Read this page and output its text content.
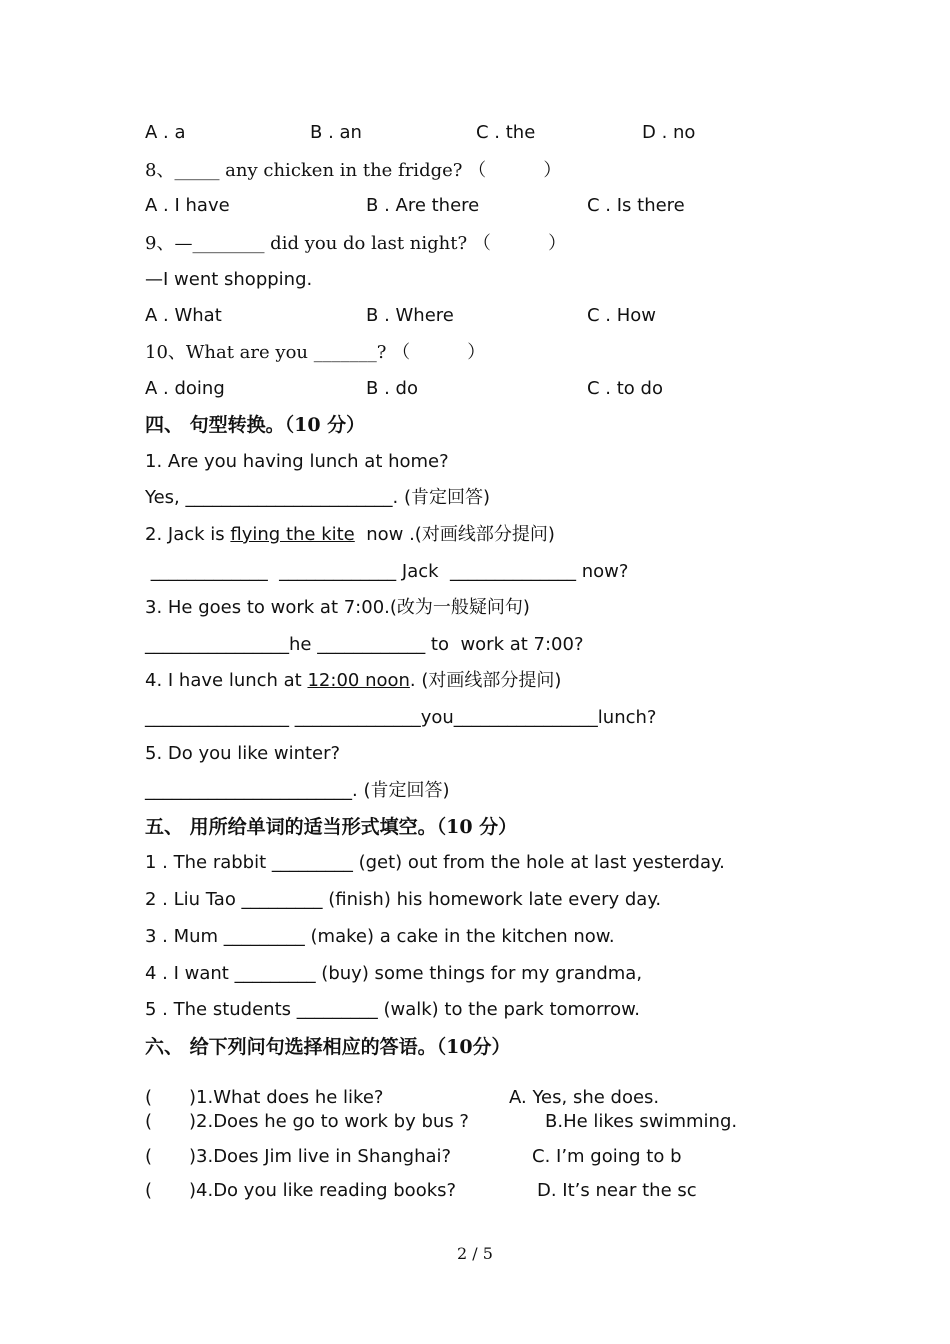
A . a	B . an	C . the	D . no
8、_____ any chicken in the fridge? （          ）
A . I have	B . Are there	C . Is there
9、—________ did you do last night? （          ）
—I went shopping.
A . What	B . Where	C . How
10、What are you _______? （          ）
A . doing	B . do	C . to do
四、 句型转换。（10 分）
1. Are you having lunch at home?
Yes, _______________________. (肯定回答)
2. Jack is flying the kite  now .(对画线部分提问)
_____________  _____________ Jack  ______________ now?
3. He goes to work at 7:00.(改为一般疑问句)
________________he ____________ to  work at 7:00?
4. I have lunch at 12:00 noon. (对画线部分提问)
________________ ______________you________________lunch?
5. Do you like winter?
_______________________. (肯定回答)
五、 用所给单词的适当形式填空。（10 分）
1 . The rabbit _________ (get) out from the hole at last yesterday.
2 . Liu Tao _________ (finish) his homework late every day.
3 . Mum _________ (make) a cake in the kitchen now.
4 . I want _________ (buy) some things for my grandma,
5 . The students _________ (walk) to the park tomorrow.
六、 给下列问句选择相应的答语。（10分）
( )1.What does he like?	A. Yes, she does.
( )2.Does he go to work by bus ?	B.He likes swimming.
( )3.Does Jim live in Shanghai?	C. I’m going to b
( )4.Do you like reading books?	D. It’s near the sc
2 / 5
